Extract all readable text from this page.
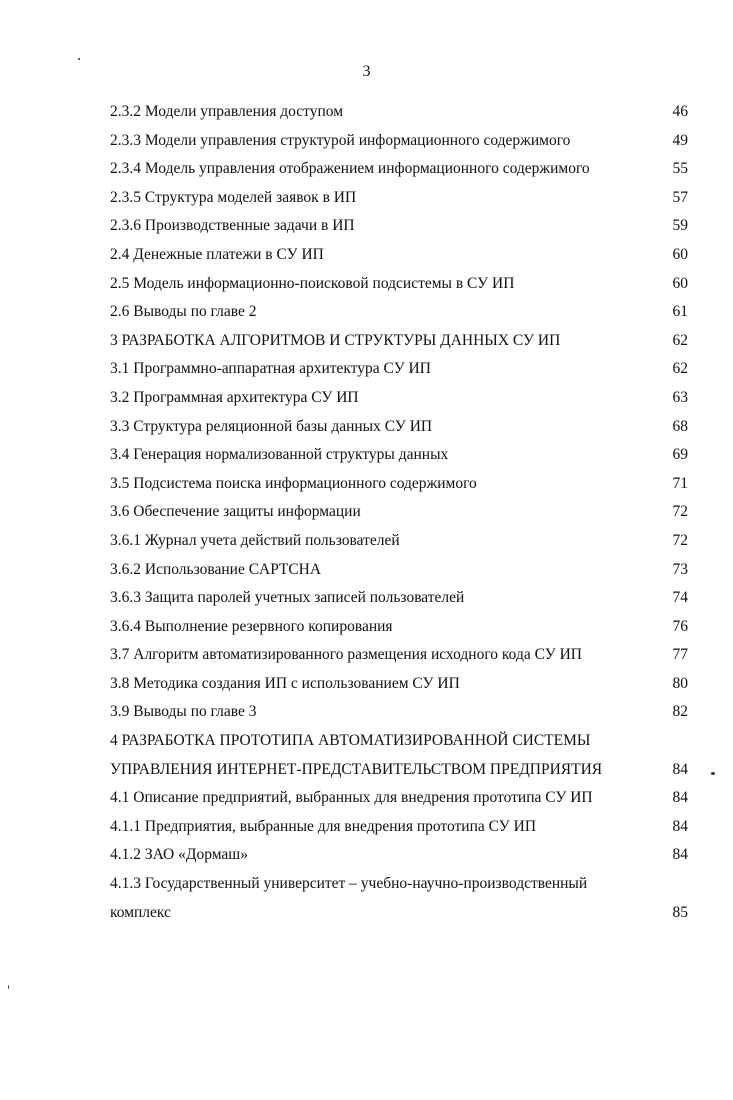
3
2.3.2 Модели управления доступом	46
2.3.3 Модели управления структурой информационного содержимого	49
2.3.4 Модель управления отображением информационного содержимого	55
2.3.5 Структура моделей заявок в ИП	57
2.3.6 Производственные задачи в ИП	59
2.4 Денежные платежи в СУ ИП	60
2.5 Модель информационно-поисковой подсистемы в СУ ИП	60
2.6 Выводы по главе 2	61
3 РАЗРАБОТКА АЛГОРИТМОВ И СТРУКТУРЫ ДАННЫХ СУ ИП	62
3.1 Программно-аппаратная архитектура СУ ИП	62
3.2 Программная архитектура СУ ИП	63
3.3 Структура реляционной базы данных СУ ИП	68
3.4 Генерация нормализованной структуры данных	69
3.5 Подсистема поиска информационного содержимого	71
3.6 Обеспечение защиты информации	72
3.6.1 Журнал учета действий пользователей	72
3.6.2 Использование CAPTCHA	73
3.6.3 Защита паролей учетных записей пользователей	74
3.6.4 Выполнение резервного копирования	76
3.7 Алгоритм автоматизированного размещения исходного кода СУ ИП	77
3.8 Методика создания ИП с использованием СУ ИП	80
3.9 Выводы по главе 3	82
4 РАЗРАБОТКА ПРОТОТИПА АВТОМАТИЗИРОВАННОЙ СИСТЕМЫ
УПРАВЛЕНИЯ ИНТЕРНЕТ-ПРЕДСТАВИТЕЛЬСТВОМ ПРЕДПРИЯТИЯ	84
4.1 Описание предприятий, выбранных для внедрения прототипа СУ ИП	84
4.1.1 Предприятия, выбранные для внедрения прототипа СУ ИП	84
4.1.2 ЗАО «Дормаш»	84
4.1.3 Государственный университет – учебно-научно-производственный
комплекс	85
